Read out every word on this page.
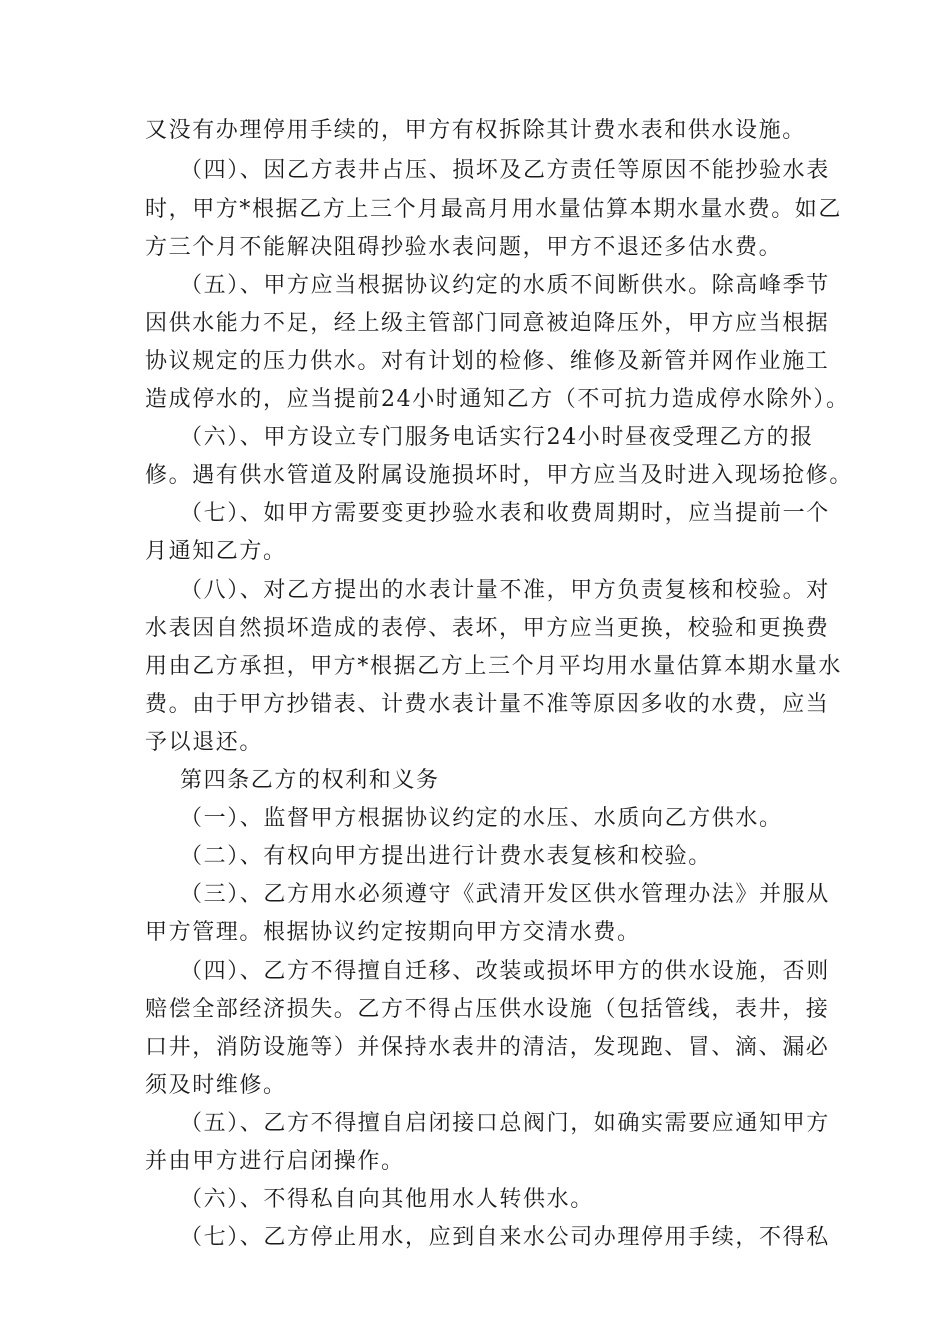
又没有办理停用手续的，甲方有权拆除其计费水表和供水设施。
（四）、因乙方表井占压、损坏及乙方责任等原因不能抄验水表
时，甲方*根据乙方上三个月最高月用水量估算本期水量水费。如乙
方三个月不能解决阻碍抄验水表问题，甲方不退还多估水费。
（五）、甲方应当根据协议约定的水质不间断供水。除高峰季节
因供水能力不足，经上级主管部门同意被迫降压外，甲方应当根据
协议规定的压力供水。对有计划的检修、维修及新管并网作业施工
造成停水的，应当提前24小时通知乙方（不可抗力造成停水除外）。
（六）、甲方设立专门服务电话实行24小时昼夜受理乙方的报
修。遇有供水管道及附属设施损坏时，甲方应当及时进入现场抢修。
（七）、如甲方需要变更抄验水表和收费周期时，应当提前一个
月通知乙方。
（八）、对乙方提出的水表计量不准，甲方负责复核和校验。对
水表因自然损坏造成的表停、表坏，甲方应当更换，校验和更换费
用由乙方承担，甲方*根据乙方上三个月平均用水量估算本期水量水
费。由于甲方抄错表、计费水表计量不准等原因多收的水费，应当
予以退还。
第四条乙方的权利和义务
（一）、监督甲方根据协议约定的水压、水质向乙方供水。
（二）、有权向甲方提出进行计费水表复核和校验。
（三）、乙方用水必须遵守《武清开发区供水管理办法》并服从
甲方管理。根据协议约定按期向甲方交清水费。
（四）、乙方不得擅自迁移、改装或损坏甲方的供水设施，否则
赔偿全部经济损失。乙方不得占压供水设施（包括管线，表井，接
口井，消防设施等）并保持水表井的清洁，发现跑、冒、滴、漏必
须及时维修。
（五）、乙方不得擅自启闭接口总阀门，如确实需要应通知甲方
并由甲方进行启闭操作。
（六）、不得私自向其他用水人转供水。
（七）、乙方停止用水，应到自来水公司办理停用手续，不得私
